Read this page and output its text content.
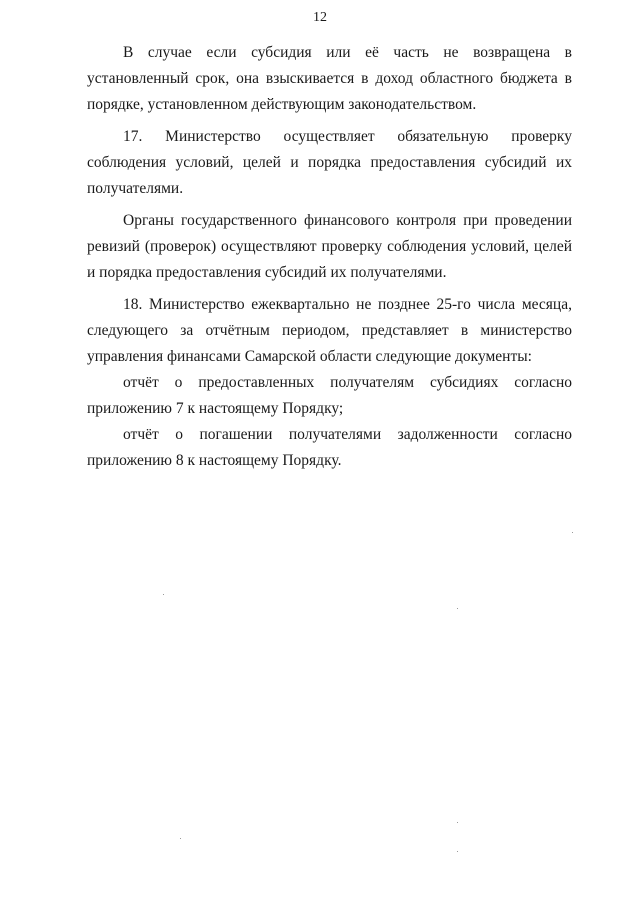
12

В случае если субсидия или её часть не возвращена в установленный срок, она взыскивается в доход областного бюджета в порядке, установленном действующим законодательством.

17. Министерство осуществляет обязательную проверку соблюдения условий, целей и порядка предоставления субсидий их получателями.

Органы государственного финансового контроля при проведении ревизий (проверок) осуществляют проверку соблюдения условий, целей и порядка предоставления субсидий их получателями.

18. Министерство ежеквартально не позднее 25-го числа месяца, следующего за отчётным периодом, представляет в министерство управления финансами Самарской области следующие документы:

отчёт о предоставленных получателям субсидиях согласно приложению 7 к настоящему Порядку;

отчёт о погашении получателями задолженности согласно приложению 8 к настоящему Порядку.
